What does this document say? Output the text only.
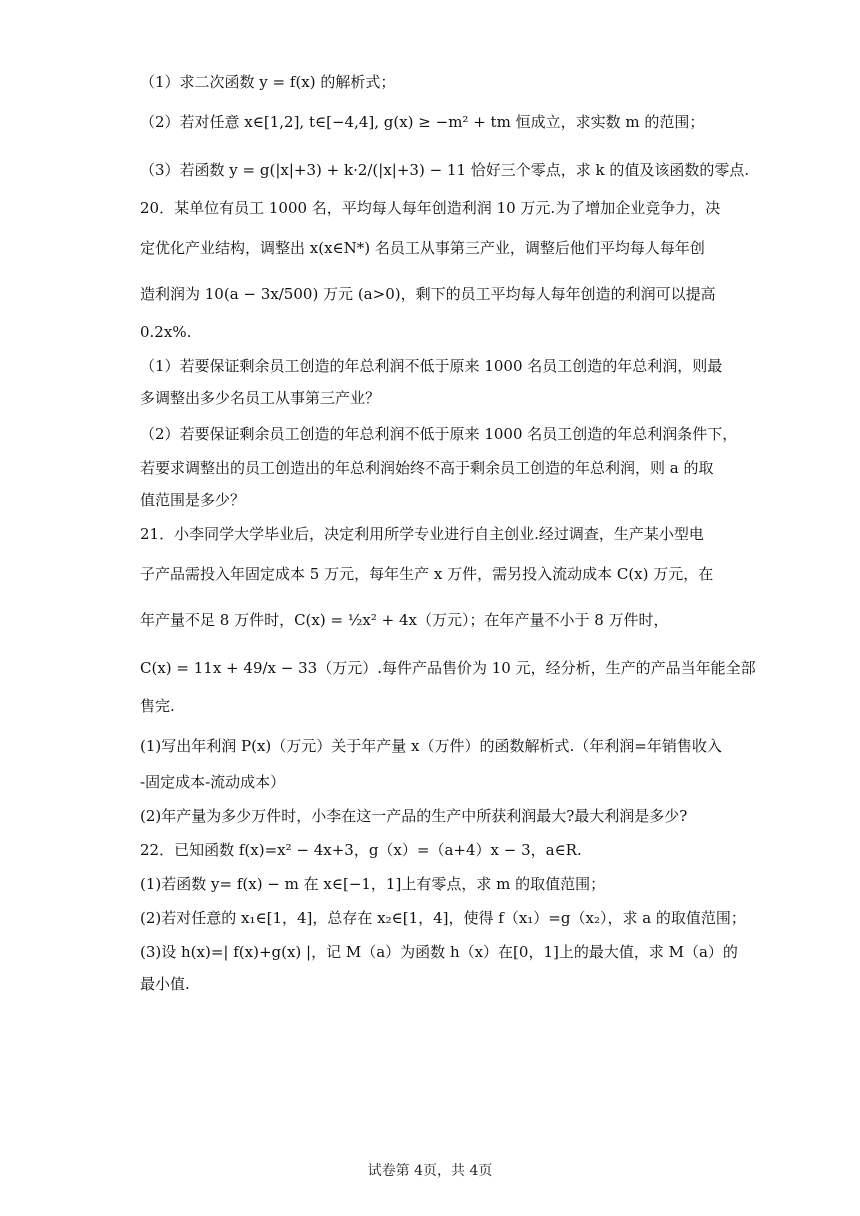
（1）求二次函数 y = f(x) 的解析式；
（2）若对任意 x∈[1,2], t∈[−4,4], g(x) ≥ −m² + tm 恒成立，求实数 m 的范围；
（3）若函数 y = g(|x|+3) + k·2/(|x|+3) − 11 恰好三个零点，求 k 的值及该函数的零点.
20．某单位有员工 1000 名，平均每人每年创造利润 10 万元.为了增加企业竞争力，决
定优化产业结构，调整出 x(x∈N*) 名员工从事第三产业，调整后他们平均每人每年创
造利润为 10(a − 3x/500) 万元 (a>0)，剩下的员工平均每人每年创造的利润可以提高
0.2x%.
（1）若要保证剩余员工创造的年总利润不低于原来 1000 名员工创造的年总利润，则最
多调整出多少名员工从事第三产业？
（2）若要保证剩余员工创造的年总利润不低于原来 1000 名员工创造的年总利润条件下，
若要求调整出的员工创造出的年总利润始终不高于剩余员工创造的年总利润，则 a 的取
值范围是多少？
21．小李同学大学毕业后，决定利用所学专业进行自主创业.经过调查，生产某小型电
子产品需投入年固定成本 5 万元，每年生产 x 万件，需另投入流动成本 C(x) 万元，在
年产量不足 8 万件时，C(x) = ½x² + 4x（万元）；在年产量不小于 8 万件时，
C(x) = 11x + 49/x − 33（万元）.每件产品售价为 10 元，经分析，生产的产品当年能全部
售完.
(1)写出年利润 P(x)（万元）关于年产量 x（万件）的函数解析式.（年利润=年销售收入
-固定成本-流动成本）
(2)年产量为多少万件时，小李在这一产品的生产中所获利润最大?最大利润是多少?
22．已知函数 f(x)=x² − 4x+3，g（x）=（a+4）x − 3，a∈R.
(1)若函数 y= f(x) − m 在 x∈[−1，1]上有零点，求 m 的取值范围；
(2)若对任意的 x₁∈[1，4]，总存在 x₂∈[1，4]，使得 f（x₁）=g（x₂），求 a 的取值范围；
(3)设 h(x)=| f(x)+g(x) |，记 M（a）为函数 h（x）在[0，1]上的最大值，求 M（a）的
最小值.
试卷第 4页，共 4页
